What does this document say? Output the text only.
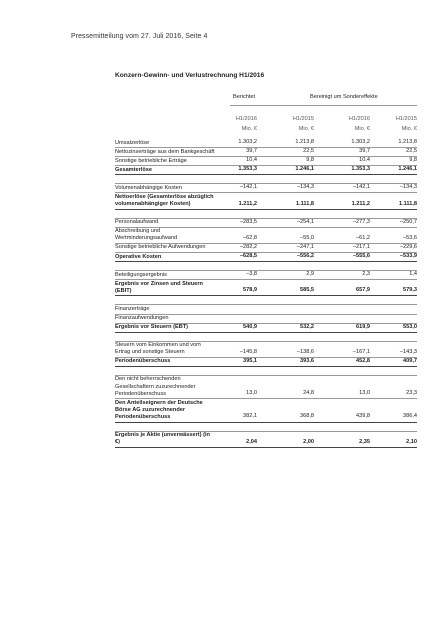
Pressemitteilung vom 27. Juli 2016, Seite 4
Konzern-Gewinn- und Verlustrechnung H1/2016
Berichtet	Bereinigt um Sondereffekte
H1/2016	H1/2015	H1/2016	H1/2015
Mio. €	Mio. €	Mio. €	Mio. €
Umsatzerlöse	1.303,2	1.213,8	1.303,2	1.213,8
Nettozinserträge aus dem Bankgeschäft	39,7	22,5	39,7	22,5
Sonstige betriebliche Erträge	10,4	9,8	10,4	9,8
Gesamterlöse	1.353,3	1.246,1	1.353,3	1.246,1
Volumenabhängige Kosten	–142,1	–134,3	–142,1	–134,3
Nettoerlöse (Gesamterlöse abzüglich volumenabhängiger Kosten)	1.211,2	1.111,8	1.211,2	1.111,8
Personalaufwand	–283,5	–254,1	–277,3	–250,7
Abschreibung und Wertminderungsaufwand	–62,8	–55,0	–61,2	–53,6
Sonstige betriebliche Aufwendungen	–282,2	–247,1	–217,1	–229,6
Operative Kosten	–628,5	–556,2	–555,6	–533,9
Beteiligungsergebnis	–3,8	2,9	2,3	1,4
Ergebnis vor Zinsen und Steuern (EBIT)	578,9	585,5	657,9	579,3
Finanzerträge
Finanzaufwendungen
Ergebnis vor Steuern (EBT)	540,9	532,2	619,9	553,0
Steuern vom Einkommen und vom Ertrag und sonstige Steuern	–145,8	–138,6	–167,1	–143,3
Periodenüberschuss	395,1	393,6	452,8	409,7
Den nicht beherrschenden Gesellschaftern zuzurechnender Periodenüberschuss	13,0	24,8	13,0	23,3
Den Anteilseignern der Deutsche Börse AG zuzurechnender Periodenüberschuss	382,1	368,8	439,8	386,4
Ergebnis je Aktie (unverwässert) (in €)	2,04	2,00	2,35	2,10
